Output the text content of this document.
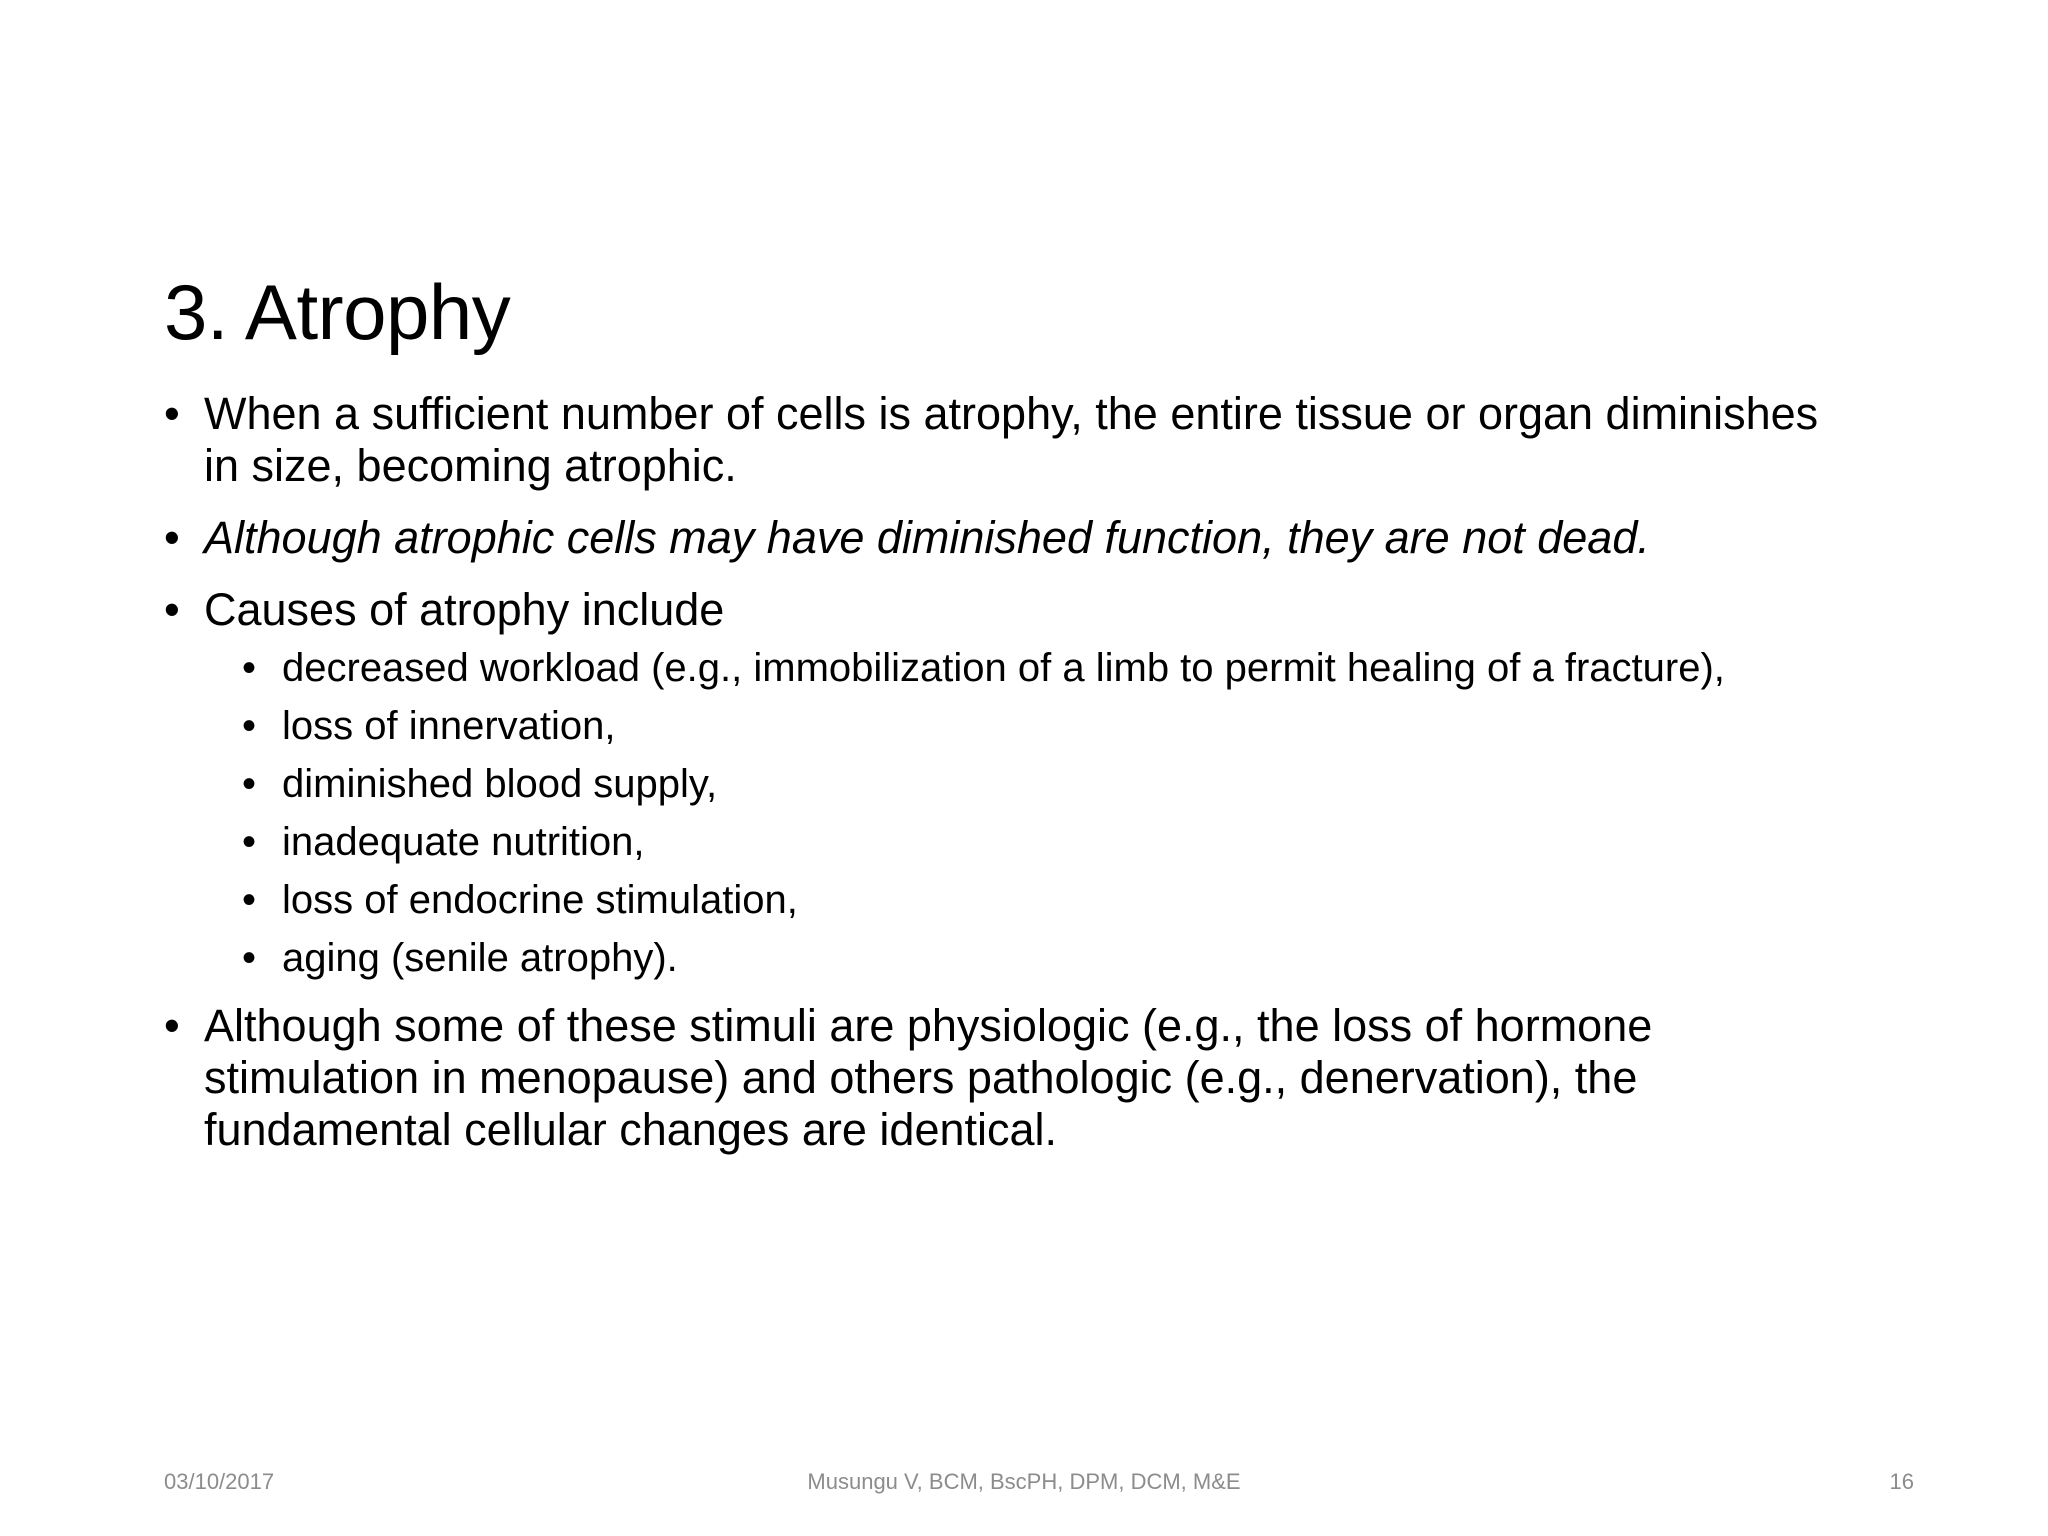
3. Atrophy
• When a sufficient number of cells is atrophy, the entire tissue or organ diminishes in size, becoming atrophic.
• Although atrophic cells may have diminished function, they are not dead.
• Causes of atrophy include
• decreased workload (e.g., immobilization of a limb to permit healing of a fracture),
• loss of innervation,
• diminished blood supply,
• inadequate nutrition,
• loss of endocrine stimulation,
• aging (senile atrophy).
• Although some of these stimuli are physiologic (e.g., the loss of hormone stimulation in menopause) and others pathologic (e.g., denervation), the fundamental cellular changes are identical.
03/10/2017	Musungu V, BCM, BscPH, DPM, DCM, M&E	16
